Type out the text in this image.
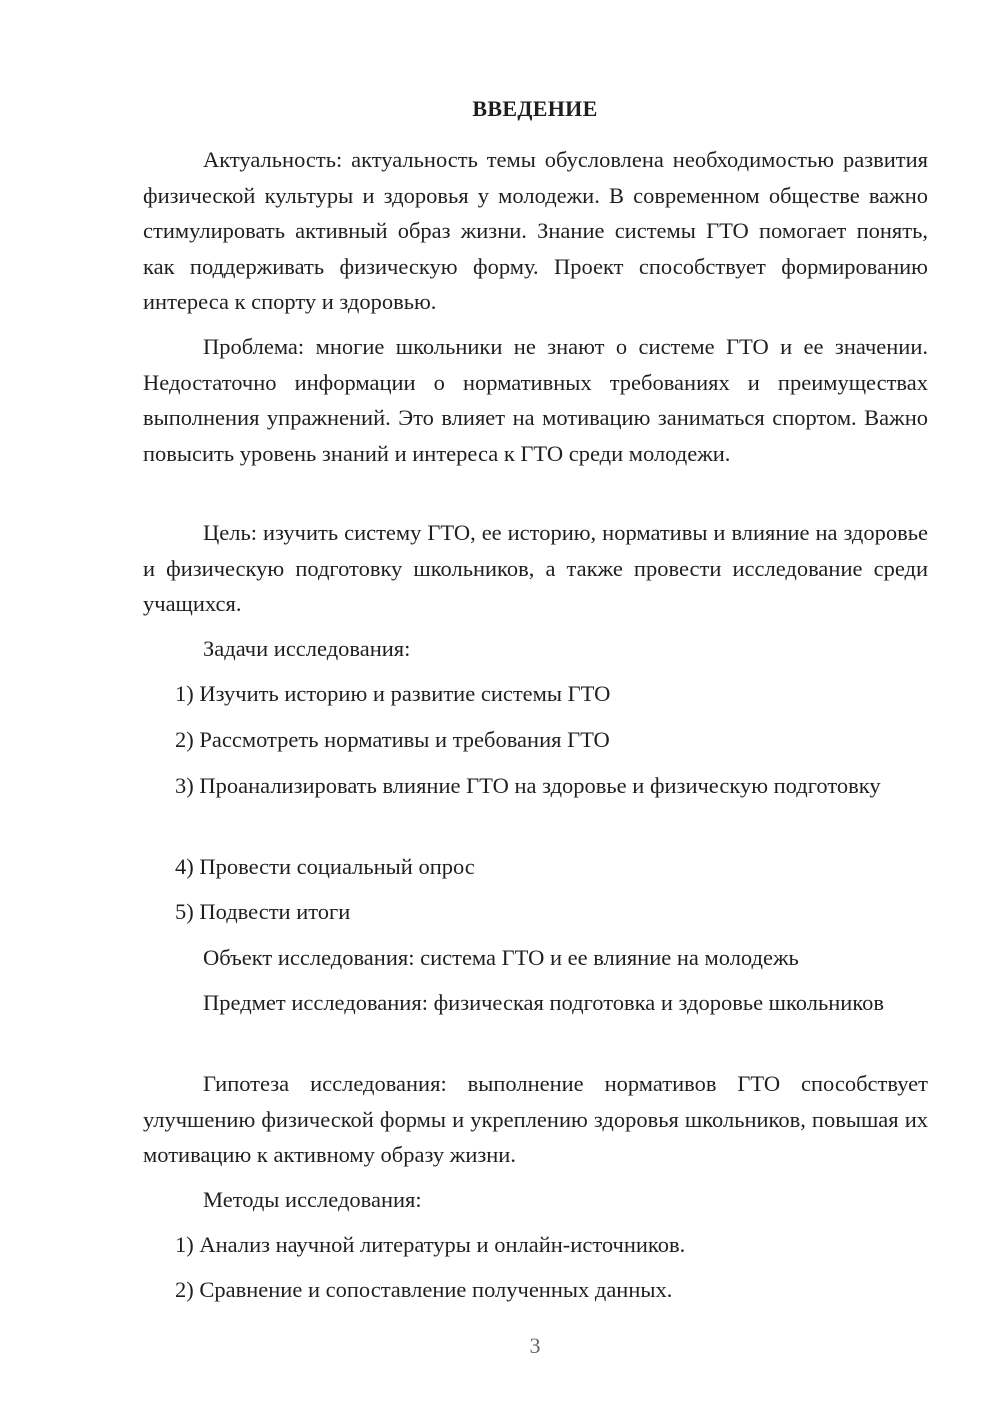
ВВЕДЕНИЕ

Актуальность: актуальность темы обусловлена необходимостью развития физической культуры и здоровья у молодежи. В современном обществе важно стимулировать активный образ жизни. Знание системы ГТО помогает понять, как поддерживать физическую форму. Проект способствует формированию интереса к спорту и здоровью.

Проблема: многие школьники не знают о системе ГТО и ее значении. Недостаточно информации о нормативных требованиях и преимуществах выполнения упражнений. Это влияет на мотивацию заниматься спортом. Важно повысить уровень знаний и интереса к ГТО среди молодежи.

Цель: изучить систему ГТО, ее историю, нормативы и влияние на здоровье и физическую подготовку школьников, а также провести исследование среди учащихся.

Задачи исследования:

1) Изучить историю и развитие системы ГТО

2) Рассмотреть нормативы и требования ГТО

3) Проанализировать влияние ГТО на здоровье и физическую подготовку

4) Провести социальный опрос

5) Подвести итоги

Объект исследования: система ГТО и ее влияние на молодежь

Предмет исследования: физическая подготовка и здоровье школьников

Гипотеза исследования: выполнение нормативов ГТО способствует улучшению физической формы и укреплению здоровья школьников, повышая их мотивацию к активному образу жизни.

Методы исследования:

1) Анализ научной литературы и онлайн-источников.

2) Сравнение и сопоставление полученных данных.

3
